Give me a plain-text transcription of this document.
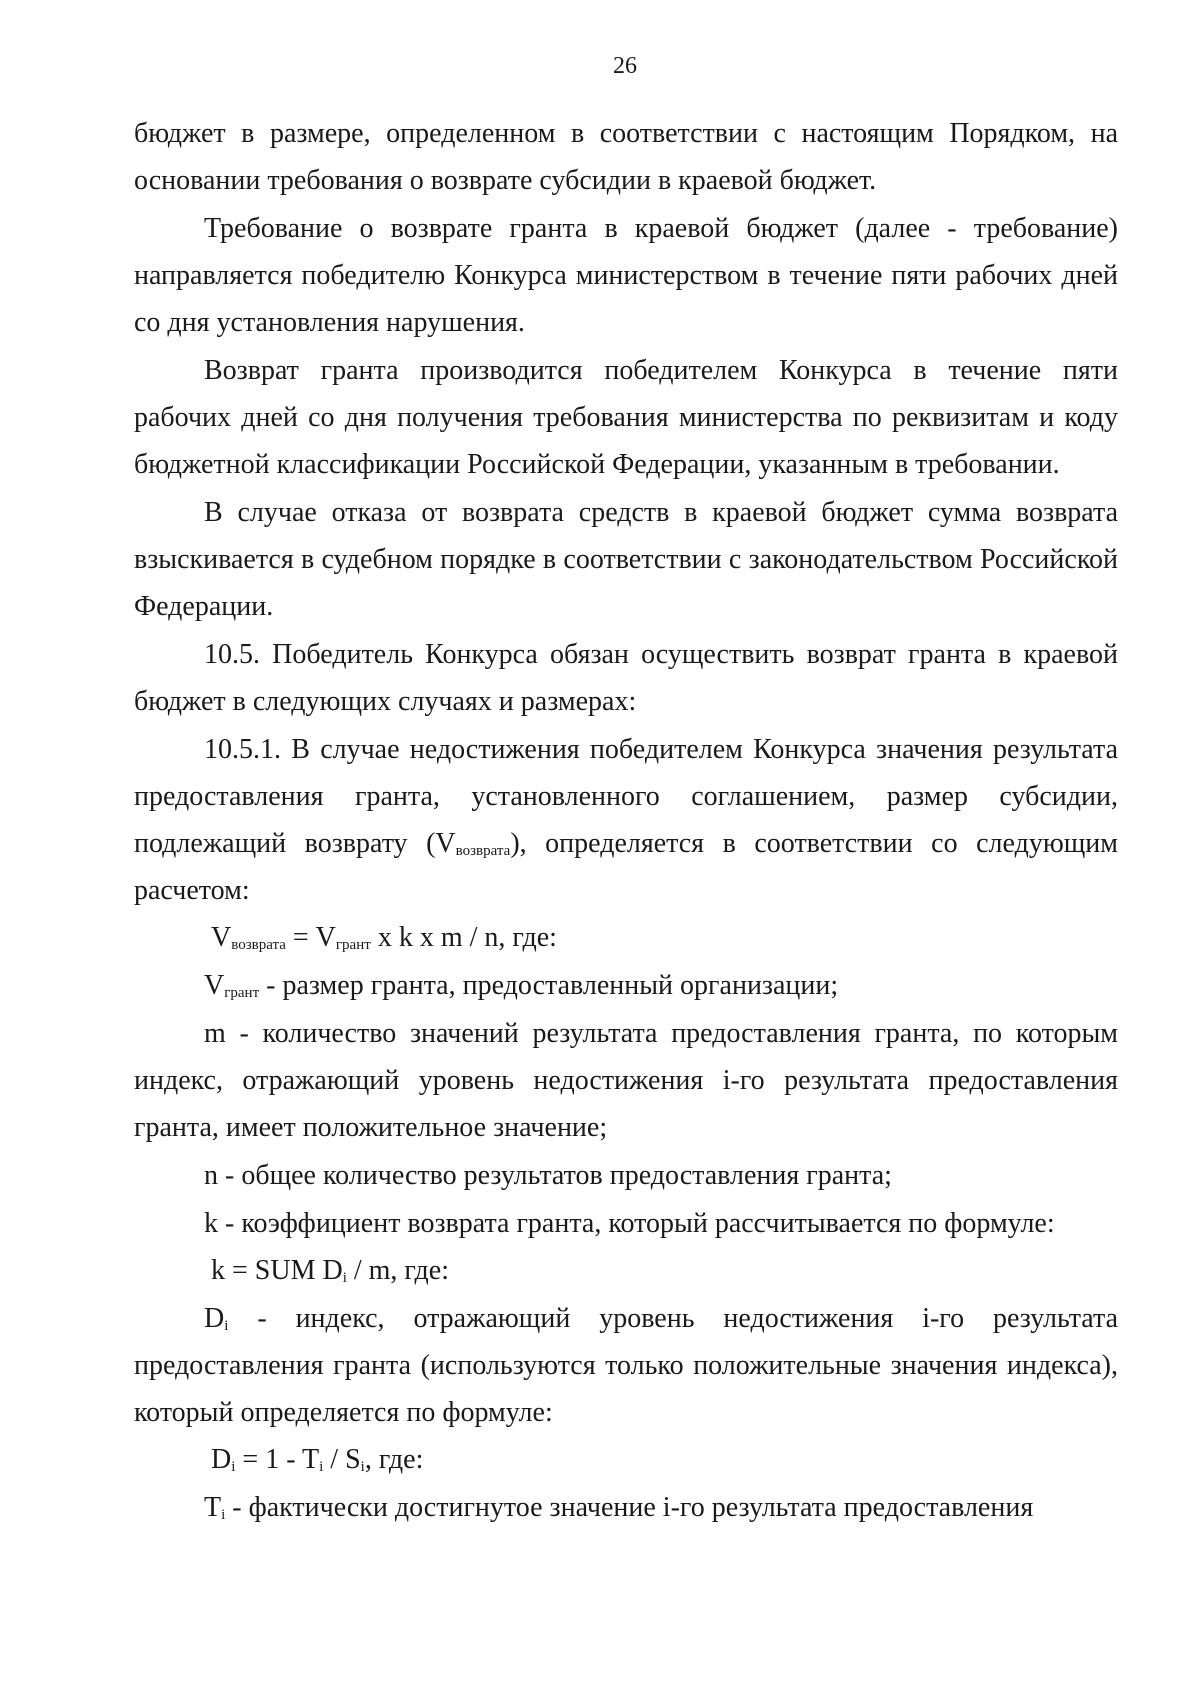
26

бюджет в размере, определенном в соответствии с настоящим Порядком, на основании требования о возврате субсидии в краевой бюджет.

Требование о возврате гранта в краевой бюджет (далее - требование) направляется победителю Конкурса министерством в течение пяти рабочих дней со дня установления нарушения.

Возврат гранта производится победителем Конкурса в течение пяти рабочих дней со дня получения требования министерства по реквизитам и коду бюджетной классификации Российской Федерации, указанным в требовании.

В случае отказа от возврата средств в краевой бюджет сумма возврата взыскивается в судебном порядке в соответствии с законодательством Российской Федерации.

10.5. Победитель Конкурса обязан осуществить возврат гранта в краевой бюджет в следующих случаях и размерах:

10.5.1. В случае недостижения победителем Конкурса значения результата предоставления гранта, установленного соглашением, размер субсидии, подлежащий возврату $(V_{возврата})$, определяется в соответствии со следующим расчетом:

$V_{возврата} = V_{грант}$ x k x m / n, где:

$V_{грант}$ - размер гранта, предоставленный организации;

m - количество значений результата предоставления гранта, по которым индекс, отражающий уровень недостижения i-го результата предоставления гранта, имеет положительное значение;

n - общее количество результатов предоставления гранта;

k - коэффициент возврата гранта, который рассчитывается по формуле:

k = SUM $D_i$ / m, где:

$D_i$ - индекс, отражающий уровень недостижения i-го результата предоставления гранта (используются только положительные значения индекса), который определяется по формуле:

$D_i = 1 - T_i / S_i$, где:

$T_i$ - фактически достигнутое значение i-го результата предоставления
